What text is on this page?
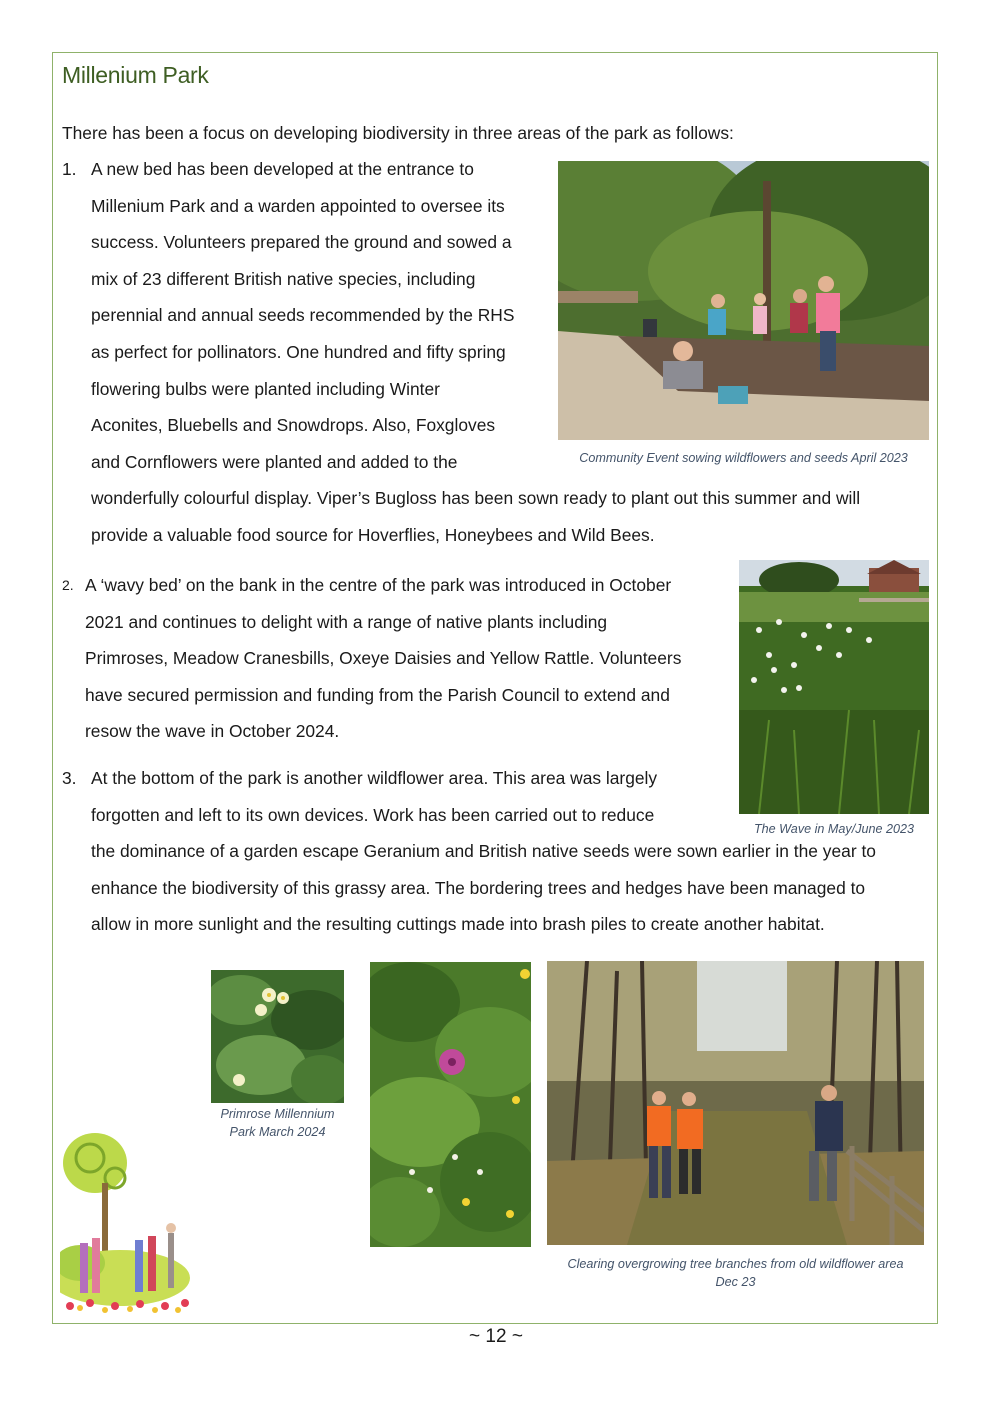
Millenium Park

There has been a focus on developing biodiversity in three areas of the park as follows:

1. A new bed has been developed at the entrance to
Millenium Park and a warden appointed to oversee its
success. Volunteers prepared the ground and sowed a
mix of 23 different British native species, including
perennial and annual seeds recommended by the RHS
as perfect for pollinators. One hundred and fifty spring
flowering bulbs were planted including Winter
Aconites, Bluebells and Snowdrops. Also, Foxgloves
and Cornflowers were planted and added to the
wonderfully colourful display. Viper’s Bugloss has been sown ready to plant out this summer and will
provide a valuable food source for Hoverflies, Honeybees and Wild Bees.

Community Event sowing wildflowers and seeds April 2023

2. A ‘wavy bed’ on the bank in the centre of the park was introduced in October
2021 and continues to delight with a range of native plants including
Primroses, Meadow Cranesbills, Oxeye Daisies and Yellow Rattle. Volunteers
have secured permission and funding from the Parish Council to extend and
resow the wave in October 2024.

The Wave in May/June 2023

3. At the bottom of the park is another wildflower area. This area was largely
forgotten and left to its own devices. Work has been carried out to reduce
the dominance of a garden escape Geranium and British native seeds were sown earlier in the year to
enhance the biodiversity of this grassy area. The bordering trees and hedges have been managed to
allow in more sunlight and the resulting cuttings made into brash piles to create another habitat.

Primrose Millennium
Park March 2024

Clearing overgrowing tree branches from old wildflower area
Dec 23

~ 12 ~
